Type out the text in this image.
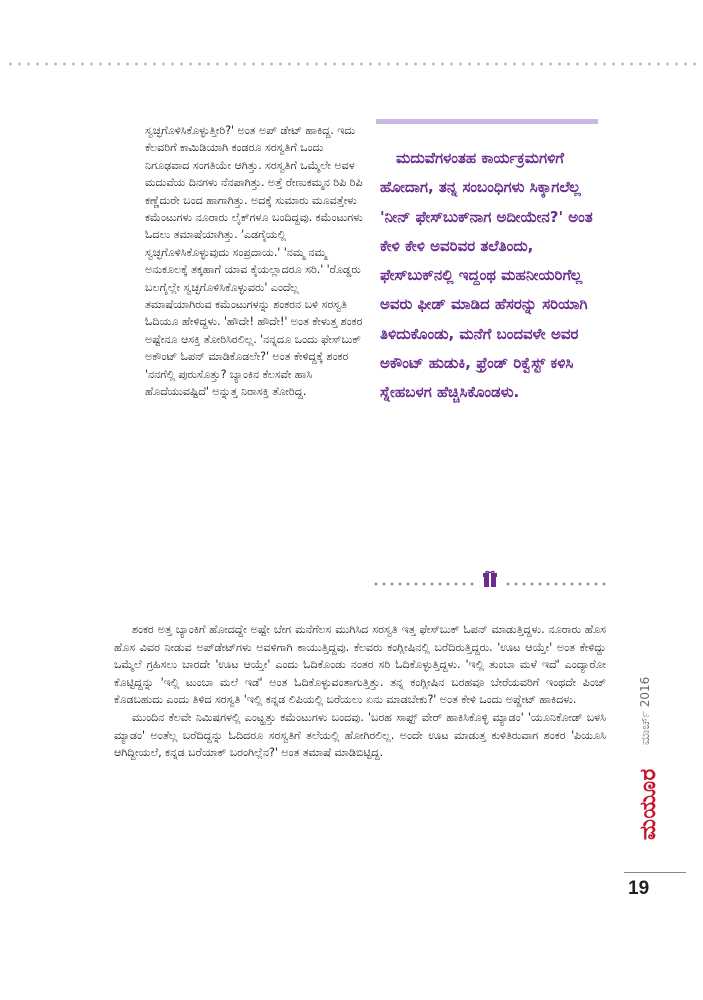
ಸ್ವಚ್ಛಗೊಳಿಸಿಕೊಳ್ಳುತ್ತೀರಿ?' ಅಂತ ಅಪ್ ಡೇಟ್ ಹಾಕಿದ್ದ. ಇದು ಕೆಲವರಿಗೆ ಕಾಮಿಡಿಯಾಗಿ ಕಂಡರೂ ಸರಸ್ವತಿಗೆ ಒಂದು ನಿಗೂಢವಾದ ಸಂಗತಿಯೇ ಆಗಿತ್ತು. ಸರಸ್ವತಿಗೆ ಒಮ್ಮೆಲೇ ಅವಳ ಮದುವೆಯ ದಿನಗಳು ನೆನಪಾಗಿತ್ತು. ಅತ್ತೆ ರೇಣುಕಮ್ಮನ ರಿಪಿ ರಿಪಿ ಕಣ್ಣೆದುರೇ ಬಂದ ಹಾಗಾಗಿತ್ತು. ಅದಕ್ಕೆ ಸುಮಾರು ಮೂವತ್ತೇಳು ಕಮೆಂಟುಗಳು ನೂರಾರು ಲೈಕ್‌ಗಳೂ ಬಂದಿದ್ದವು. ಕಮೆಂಟುಗಳು ಓದಲು ತಮಾಷೆಯಾಗಿತ್ತು. 'ಎಡಗೈಯಲ್ಲಿ ಸ್ವಚ್ಛಗೊಳಿಸಿಕೊಳ್ಳುವುದು ಸಂಪ್ರದಾಯ.' 'ನಮ್ಮ ನಮ್ಮ ಅನುಕೂಲಕ್ಕೆ ತಕ್ಕಹಾಗೆ ಯಾವ ಕೈಯಲ್ಲಾದರೂ ಸರಿ.' 'ರೊಡ್ಡರು ಬಲಗೈಲ್ಲೇ ಸ್ವಚ್ಛಗೊಳಿಸಿಕೊಳ್ಳುವರು' ಎಂದೆಲ್ಲ ತಮಾಷೆಯಾಗಿರುವ ಕಮೆಂಟುಗಳನ್ನು ಶಂಕರನ ಬಳಿ ಸರಸ್ವತಿ ಓದಿಯೂ ಹೇಳಿದ್ದಳು. 'ಹೌದೇ! ಹೌದೇ!' ಅಂತ ಕೇಳುತ್ತ ಶಂಕರ ಅಷ್ಟೇನೂ ಆಸಕ್ತಿ ತೋರಿಸಿರಲಿಲ್ಲ. 'ನನ್ನದೂ ಒಂದು ಫೇಸ್‌ಬುಕ್ ಅಕೌಂಟ್ ಓಪನ್ ಮಾಡಿಕೊಡಲೇ?' ಅಂತ ಕೇಳಿದ್ದಕ್ಕೆ ಶಂಕರ 'ನನಗೆಲ್ಲಿ ಪುರುಸೊತ್ತು? ಬ್ಯಾಂಕಿನ ಕೆಲಸವೇ ಹಾಸಿ ಹೊದೆಯುವಷ್ಟಿದೆ' ಅನ್ನುತ್ತ ನಿರಾಸಕ್ತಿ ತೋರಿದ್ದ.

ಮದುವೆಗಳಂತಹ ಕಾರ್ಯಕ್ರಮಗಳಿಗೆ ಹೋದಾಗ, ತನ್ನ ಸಂಬಂಧಿಗಳು ಸಿಕ್ಕಾಗಲೆಲ್ಲ 'ನೀನ್ ಫೇಸ್‌ಬುಕ್‌ನಾಗ ಅದೀಯೇನ?' ಅಂತ ಕೇಳಿ ಕೇಳಿ ಅವರಿವರ ತಲೆತಿಂದು, ಫೇಸ್‌ಬುಕ್‌ನಲ್ಲಿ ಇದ್ದಂಥ ಮಹನೀಯರಿಗೆಲ್ಲ ಅವರು ಫೀಡ್ ಮಾಡಿದ ಹೆಸರನ್ನು ಸರಿಯಾಗಿ ತಿಳಿದುಕೊಂಡು, ಮನೆಗೆ ಬಂದವಳೇ ಅವರ ಅಕೌಂಟ್ ಹುಡುಕಿ, ಫ್ರೆಂಡ್ ರಿಕ್ವೆಸ್ಟ್ ಕಳಿಸಿ ಸ್ನೇಹಬಳಗ ಹೆಚ್ಚಿಸಿಕೊಂಡಳು.

ಶಂಕರ ಅತ್ತ ಬ್ಯಾಂಕಿಗೆ ಹೋದದ್ದೇ ಅಷ್ಟೇ ಬೇಗ ಮನೆಗೆಲಸ ಮುಗಿಸಿದ ಸರಸ್ವತಿ ಇತ್ತ ಫೇಸ್‌ಬುಕ್ ಓಪನ್ ಮಾಡುತ್ತಿದ್ದಳು. ನೂರಾರು ಹೊಸ ಹೊಸ ವಿವರ ನೀಡುವ ಅಪ್‌ಡೇಟ್‌ಗಳು ಅವಳಿಗಾಗಿ ಕಾಯುತ್ತಿದ್ದವು. ಕೆಲವರು ಕಂಗ್ಲೀಷಿನಲ್ಲಿ ಬರೆದಿರುತ್ತಿದ್ದರು. 'ಊಟ ಆಯ್ತೇ' ಅಂತ ಕೇಳಿದ್ದು ಒಮ್ಮೆಲೆ ಗ್ರಹಿಸಲು ಬಾರದೇ 'ಊಟ ಆಯ್ತೇ' ಎಂದು ಓದಿಕೊಂಡು ನಂತರ ಸರಿ ಓದಿಕೊಳ್ಳುತ್ತಿದ್ದಳು. 'ಇಲ್ಲಿ ತುಂಬಾ ಮಳೆ ಇದೆ' ಎಂದ್ಯಾರೋ ಕೊಟ್ಟಿದ್ದನ್ನು 'ಇಲ್ಲಿ ಟುಂಬಾ ಮಲೆ ಇಡೆ' ಅಂತ ಓದಿಕೊಳ್ಳುವಂತಾಗುತ್ತಿತ್ತು. ತನ್ನ ಕಂಗ್ಲೀಷಿನ ಬರಹವೂ ಬೇರೆಯವರಿಗೆ ಇಂಥದೇ ಪಿಂಚ್ ಕೊಡಬಹುದು ಎಂದು ತಿಳಿದ ಸರಸ್ವತಿ 'ಇಲ್ಲಿ ಕನ್ನಡ ಲಿಪಿಯಲ್ಲಿ ಬರೆಯಲು ಏನು ಮಾಡಬೇಕು?' ಅಂತ ಕೇಳಿ ಒಂದು ಅಪ್ಡೇಟ್ ಹಾಕಿದಳು.

ಮುಂದಿನ ಕೆಲವೇ ನಿಮಿಷಗಳಲ್ಲಿ ಎಂಟ್ಹತ್ತು ಕಮೆಂಟುಗಳು ಬಂದವು. 'ಬರಹ ಸಾಫ್ಟ್ ವೇರ್ ಹಾಕಿಸಿಕೊಳ್ಳಿ ಮ್ಯಾಡಂ' 'ಯೂನಿಕೋಡ್ ಬಳಸಿ ಮ್ಯಾಡಂ' ಅಂತೆಲ್ಲ ಬರೆದಿದ್ದನ್ನು ಓದಿದರೂ ಸರಸ್ವತಿಗೆ ತಲೆಯಲ್ಲಿ ಹೋಗಿರಲಿಲ್ಲ. ಅಂದೇ ಊಟ ಮಾಡುತ್ತ ಕುಳಿತಿರುವಾಗ ಶಂಕರ 'ಪಿಯೂಸಿ ಆಗಿದ್ದೀಯಲೆ, ಕನ್ನಡ ಬರೆಯಾಕ್ ಬರಂಗಿಲ್ಲೆನ?' ಅಂತ ತಮಾಷೆ ಮಾಡಿಬಿಟ್ಟಿದ್ದ.

ಮಯೂರ
ಮಾರ್ಚ್ 2016
19
